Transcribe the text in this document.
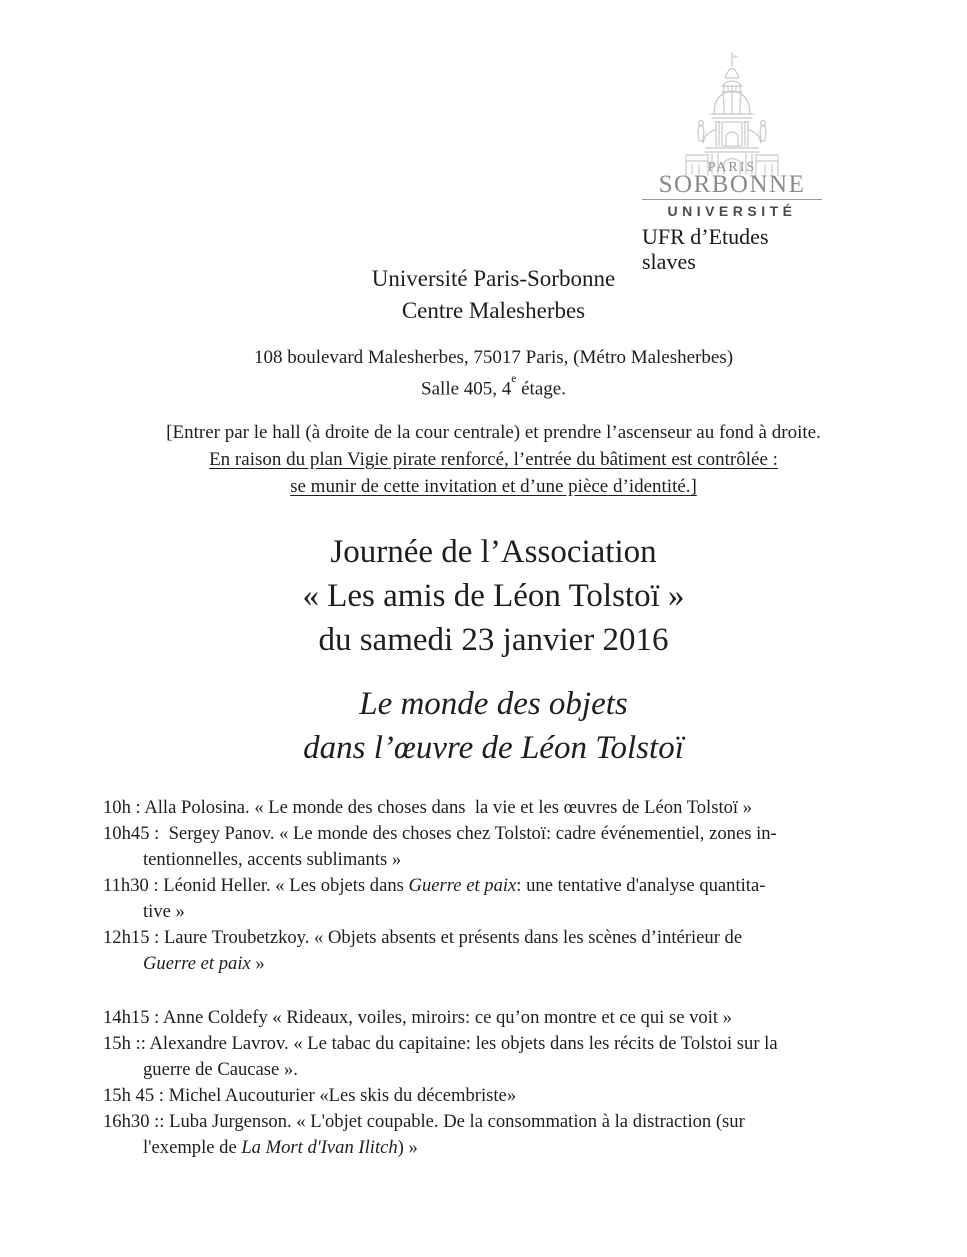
PARIS
SORBONNE
UNIVERSITÉ
UFR d’Etudes slaves
Université Paris-Sorbonne
Centre Malesherbes
108 boulevard Malesherbes, 75017 Paris, (Métro Malesherbes)
Salle 405, 4e étage.
[Entrer par le hall (à droite de la cour centrale) et prendre l’ascenseur au fond à droite.
En raison du plan Vigie pirate renforcé, l’entrée du bâtiment est contrôlée :
se munir de cette invitation et d’une pièce d’identité.]
Journée de l’Association
« Les amis de Léon Tolstoï »
du samedi 23 janvier 2016
Le monde des objets
dans l’œuvre de Léon Tolstoï

10h : Alla Polosina. « Le monde des choses dans  la vie et les œuvres de Léon Tolstoï »

10h45 :  Sergey Panov. « Le monde des choses chez Tolstoï: cadre événementiel, zones in-

tentionnelles, accents sublimants »

11h30 : Léonid Heller. « Les objets dans Guerre et paix: une tentative d'analyse quantita-

tive »

12h15 : Laure Troubetzkoy. « Objets absents et présents dans les scènes d’intérieur de

Guerre et paix »

14h15 : Anne Coldefy « Rideaux, voiles, miroirs: ce qu’on montre et ce qui se voit »

15h :: Alexandre Lavrov. « Le tabac du capitaine: les objets dans les récits de Tolstoi sur la

guerre de Caucase ».

15h 45 : Michel Aucouturier «Les skis du décembriste»

16h30 :: Luba Jurgenson. « L'objet coupable. De la consommation à la distraction (sur

l'exemple de La Mort d'Ivan Ilitch) »
